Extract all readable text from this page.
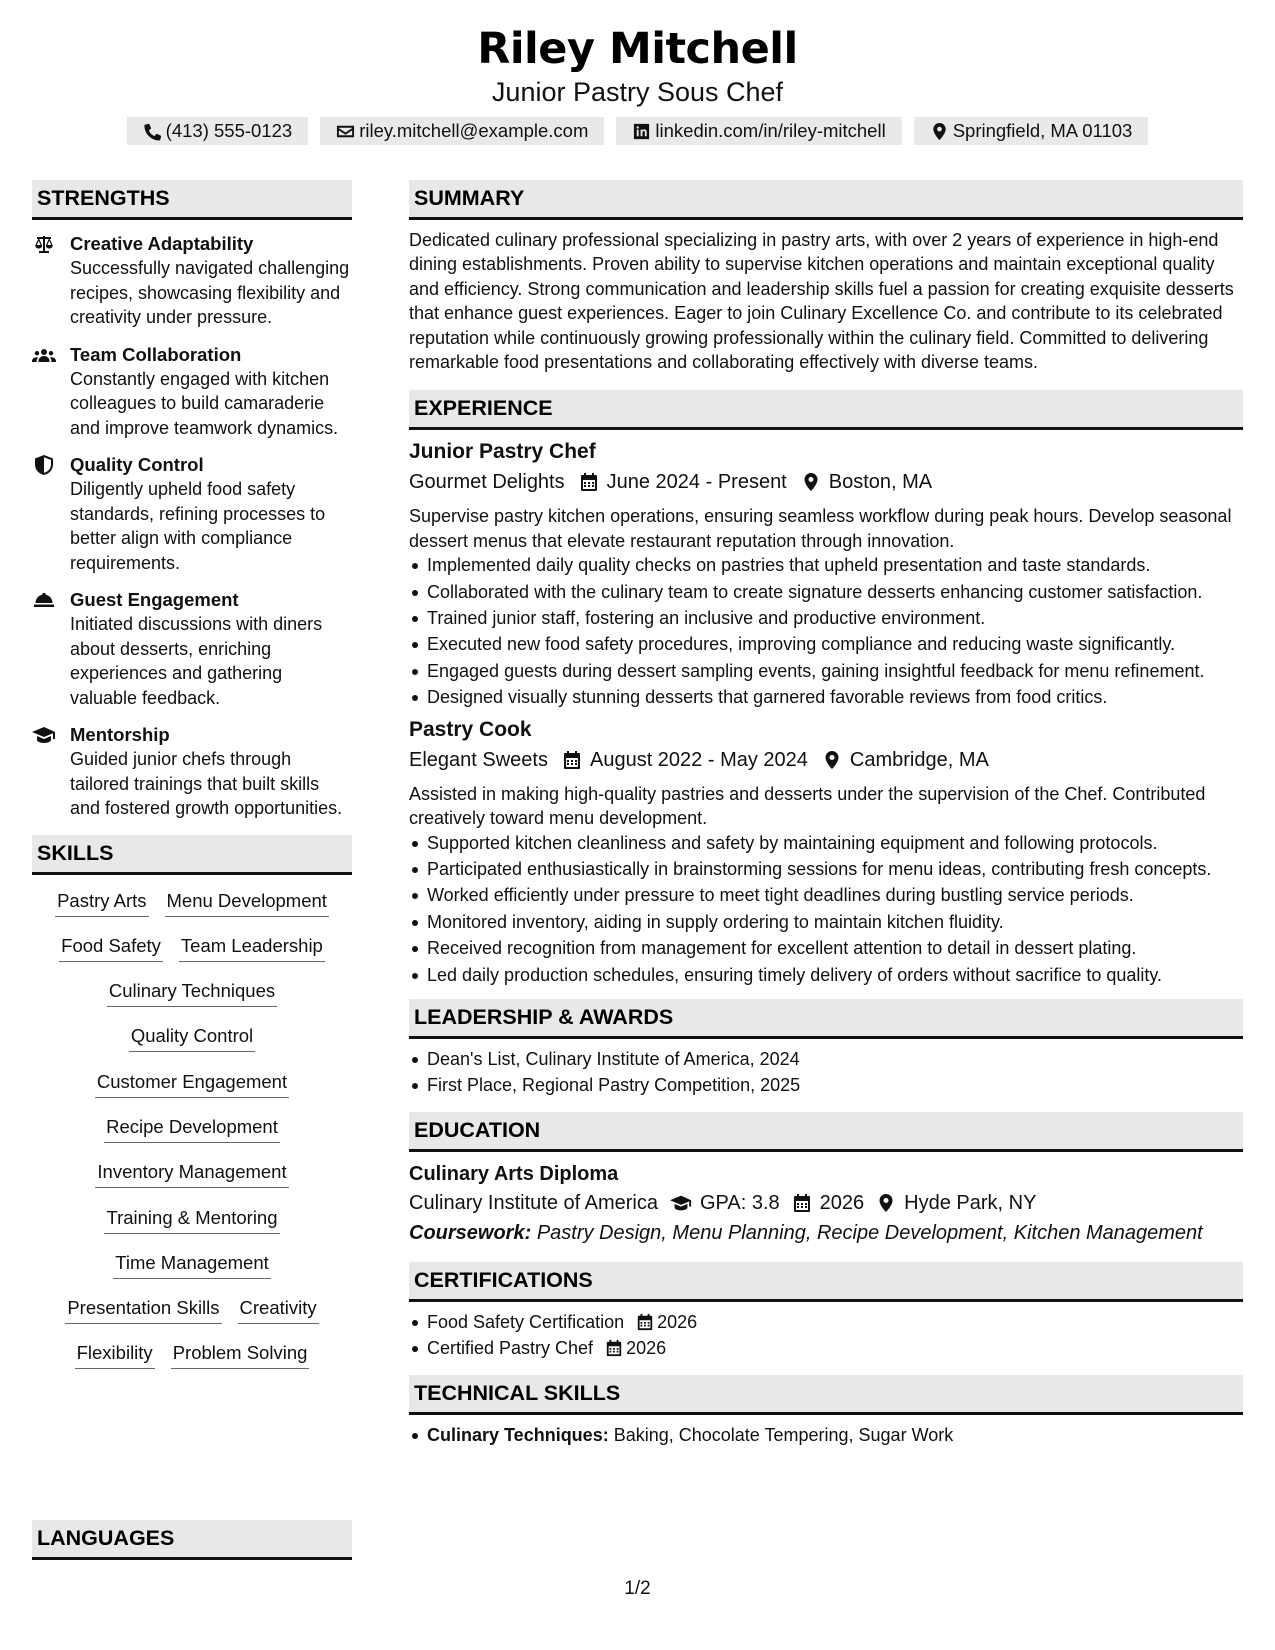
Riley Mitchell
Junior Pastry Sous Chef
(413) 555-0123	riley.mitchell@example.com	linkedin.com/in/riley-mitchell	Springfield, MA 01103
STRENGTHS
Creative Adaptability
Successfully navigated challenging recipes, showcasing flexibility and creativity under pressure.
Team Collaboration
Constantly engaged with kitchen colleagues to build camaraderie and improve teamwork dynamics.
Quality Control
Diligently upheld food safety standards, refining processes to better align with compliance requirements.
Guest Engagement
Initiated discussions with diners about desserts, enriching experiences and gathering valuable feedback.
Mentorship
Guided junior chefs through tailored trainings that built skills and fostered growth opportunities.
SKILLS
Pastry Arts Menu Development
Food Safety Team Leadership
Culinary Techniques
Quality Control
Customer Engagement
Recipe Development
Inventory Management
Training & Mentoring
Time Management
Presentation Skills Creativity
Flexibility Problem Solving
LANGUAGES
SUMMARY
Dedicated culinary professional specializing in pastry arts, with over 2 years of experience in high-end dining establishments. Proven ability to supervise kitchen operations and maintain exceptional quality and efficiency. Strong communication and leadership skills fuel a passion for creating exquisite desserts that enhance guest experiences. Eager to join Culinary Excellence Co. and contribute to its celebrated reputation while continuously growing professionally within the culinary field. Committed to delivering remarkable food presentations and collaborating effectively with diverse teams.
EXPERIENCE
Junior Pastry Chef
Gourmet Delights June 2024 - Present Boston, MA
Supervise pastry kitchen operations, ensuring seamless workflow during peak hours. Develop seasonal dessert menus that elevate restaurant reputation through innovation.
Implemented daily quality checks on pastries that upheld presentation and taste standards.
Collaborated with the culinary team to create signature desserts enhancing customer satisfaction.
Trained junior staff, fostering an inclusive and productive environment.
Executed new food safety procedures, improving compliance and reducing waste significantly.
Engaged guests during dessert sampling events, gaining insightful feedback for menu refinement.
Designed visually stunning desserts that garnered favorable reviews from food critics.
Pastry Cook
Elegant Sweets August 2022 - May 2024 Cambridge, MA
Assisted in making high-quality pastries and desserts under the supervision of the Chef. Contributed creatively toward menu development.
Supported kitchen cleanliness and safety by maintaining equipment and following protocols.
Participated enthusiastically in brainstorming sessions for menu ideas, contributing fresh concepts.
Worked efficiently under pressure to meet tight deadlines during bustling service periods.
Monitored inventory, aiding in supply ordering to maintain kitchen fluidity.
Received recognition from management for excellent attention to detail in dessert plating.
Led daily production schedules, ensuring timely delivery of orders without sacrifice to quality.
LEADERSHIP & AWARDS
Dean's List, Culinary Institute of America, 2024
First Place, Regional Pastry Competition, 2025
EDUCATION
Culinary Arts Diploma
Culinary Institute of America GPA: 3.8 2026 Hyde Park, NY
Coursework: Pastry Design, Menu Planning, Recipe Development, Kitchen Management
CERTIFICATIONS
Food Safety Certification 2026
Certified Pastry Chef 2026
TECHNICAL SKILLS
Culinary Techniques: Baking, Chocolate Tempering, Sugar Work
1/2
